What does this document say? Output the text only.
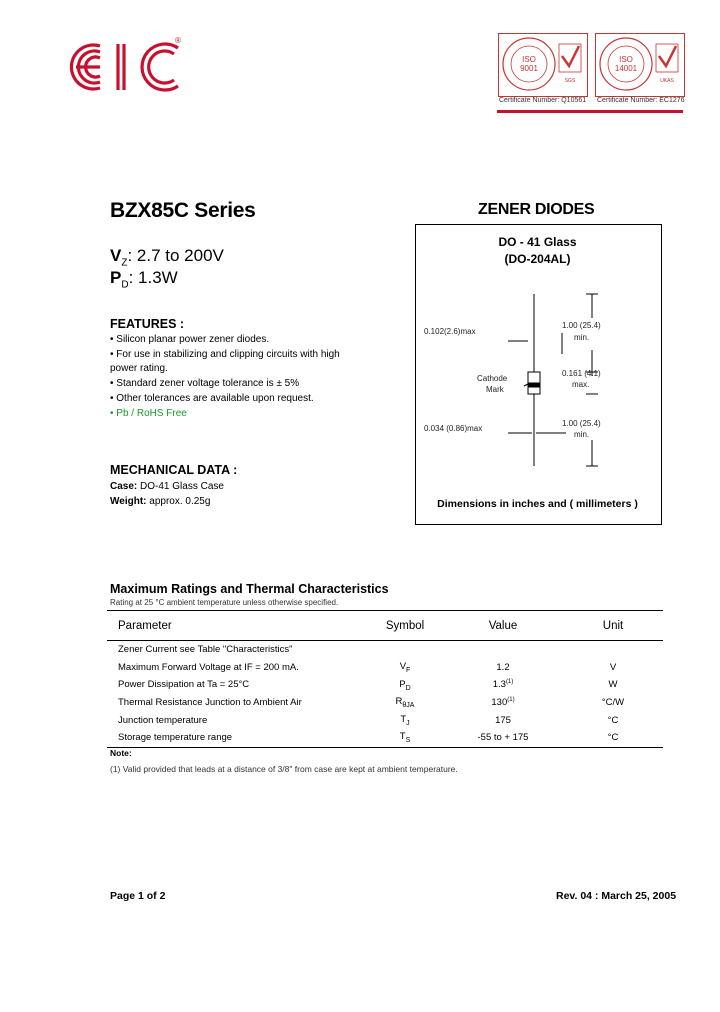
®
ISO
9001
SGS
Certificate Number: Q10561
ISO
14001
UKAS
Certificate Number: EC1276
BZX85C Series
$V_Z$: 2.7 to 200V
$P_D$: 1.3W
ZENER DIODES
DO - 41 Glass
(DO-204AL)
0.102(2.6)max
0.034 (0.86)max
1.00 (25.4)
min.
0.161 (4.1)
max.
1.00 (25.4)
min.
Cathode
Mark
Dimensions in inches and ( millimeters )
FEATURES :
• Silicon planar power zener diodes.
• For use in stabilizing and clipping circuits with high
power rating.
• Standard zener voltage tolerance is ± 5%
• Other tolerances are available upon request.
• Pb / RoHS Free
MECHANICAL DATA :
Case: DO-41 Glass Case
Weight: approx. 0.25g
Maximum Ratings and Thermal Characteristics
Rating at 25 °C ambient temperature unless otherwise specified.
Parameter	Symbol	Value	Unit
Zener Current see Table "Characteristics"			
Maximum Forward Voltage at IF = 200 mA.	$V_F$	1.2	V
Power Dissipation at Ta = 25°C	$P_D$	1.3$^{(1)}$	W
Thermal Resistance Junction to Ambient Air	$R_{\theta JA}$	130$^{(1)}$	°C/W
Junction temperature	$T_J$	175	°C
Storage temperature range	$T_S$	-55 to + 175	°C
Note:
(1) Valid provided that leads at a distance of 3/8" from case are kept at ambient temperature.
Page 1 of 2	Rev. 04 : March 25, 2005
